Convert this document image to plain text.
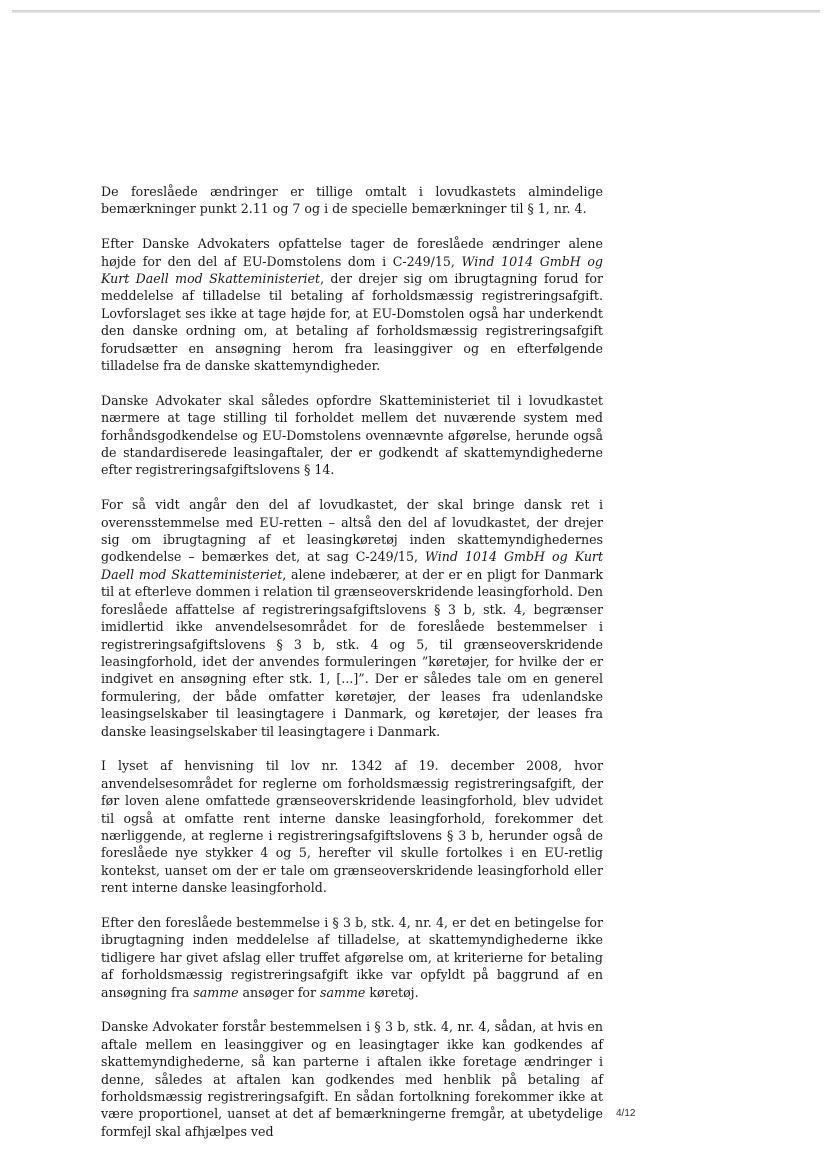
De foreslåede ændringer er tillige omtalt i lovudkastets almindelige bemærkninger punkt 2.11 og 7 og i de specielle bemærkninger til § 1, nr. 4.

Efter Danske Advokaters opfattelse tager de foreslåede ændringer alene højde for den del af EU-Domstolens dom i C-249/15, Wind 1014 GmbH og Kurt Daell mod Skatteministeriet, der drejer sig om ibrugtagning forud for meddelelse af tilladelse til betaling af forholdsmæssig registreringsafgift. Lovforslaget ses ikke at tage højde for, at EU-Domstolen også har underkendt den danske ordning om, at betaling af forholdsmæssig registreringsafgift forudsætter en ansøgning herom fra leasinggiver og en efterfølgende tilladelse fra de danske skattemyndigheder.

Danske Advokater skal således opfordre Skatteministeriet til i lovudkastet nærmere at tage stilling til forholdet mellem det nuværende system med forhåndsgodkendelse og EU-Domstolens ovennævnte afgørelse, herunde også de standardiserede leasingaftaler, der er godkendt af skattemyndighederne efter registreringsafgiftslovens § 14.

For så vidt angår den del af lovudkastet, der skal bringe dansk ret i overensstemmelse med EU-retten – altså den del af lovudkastet, der drejer sig om ibrugtagning af et leasingkøretøj inden skattemyndighedernes godkendelse – bemærkes det, at sag C-249/15, Wind 1014 GmbH og Kurt Daell mod Skatteministeriet, alene indebærer, at der er en pligt for Danmark til at efterleve dommen i relation til grænseoverskridende leasingforhold. Den foreslåede affattelse af registreringsafgiftslovens § 3 b, stk. 4, begrænser imidlertid ikke anvendelsesområdet for de foreslåede bestemmelser i registreringsafgiftslovens § 3 b, stk. 4 og 5, til grænseoverskridende leasingforhold, idet der anvendes formuleringen ”køretøjer, for hvilke der er indgivet en ansøgning efter stk. 1, [...]”. Der er således tale om en generel formulering, der både omfatter køretøjer, der leases fra udenlandske leasingselskaber til leasingtagere i Danmark, og køretøjer, der leases fra danske leasingselskaber til leasingtagere i Danmark.

I lyset af henvisning til lov nr. 1342 af 19. december 2008, hvor anvendelsesområdet for reglerne om forholdsmæssig registreringsafgift, der før loven alene omfattede grænseoverskridende leasingforhold, blev udvidet til også at omfatte rent interne danske leasingforhold, forekommer det nærliggende, at reglerne i registreringsafgiftslovens § 3 b, herunder også de foreslåede nye stykker 4 og 5, herefter vil skulle fortolkes i en EU-retlig kontekst, uanset om der er tale om grænseoverskridende leasingforhold eller rent interne danske leasingforhold.

Efter den foreslåede bestemmelse i § 3 b, stk. 4, nr. 4, er det en betingelse for ibrugtagning inden meddelelse af tilladelse, at skattemyndighederne ikke tidligere har givet afslag eller truffet afgørelse om, at kriterierne for betaling af forholdsmæssig registreringsafgift ikke var opfyldt på baggrund af en ansøgning fra samme ansøger for samme køretøj.

Danske Advokater forstår bestemmelsen i § 3 b, stk. 4, nr. 4, sådan, at hvis en aftale mellem en leasinggiver og en leasingtager ikke kan godkendes af skattemyndighederne, så kan parterne i aftalen ikke foretage ændringer i denne, således at aftalen kan godkendes med henblik på betaling af forholdsmæssig registreringsafgift. En sådan fortolkning forekommer ikke at være proportionel, uanset at det af bemærkningerne fremgår, at ubetydelige formfejl skal afhjælpes ved

4/12
